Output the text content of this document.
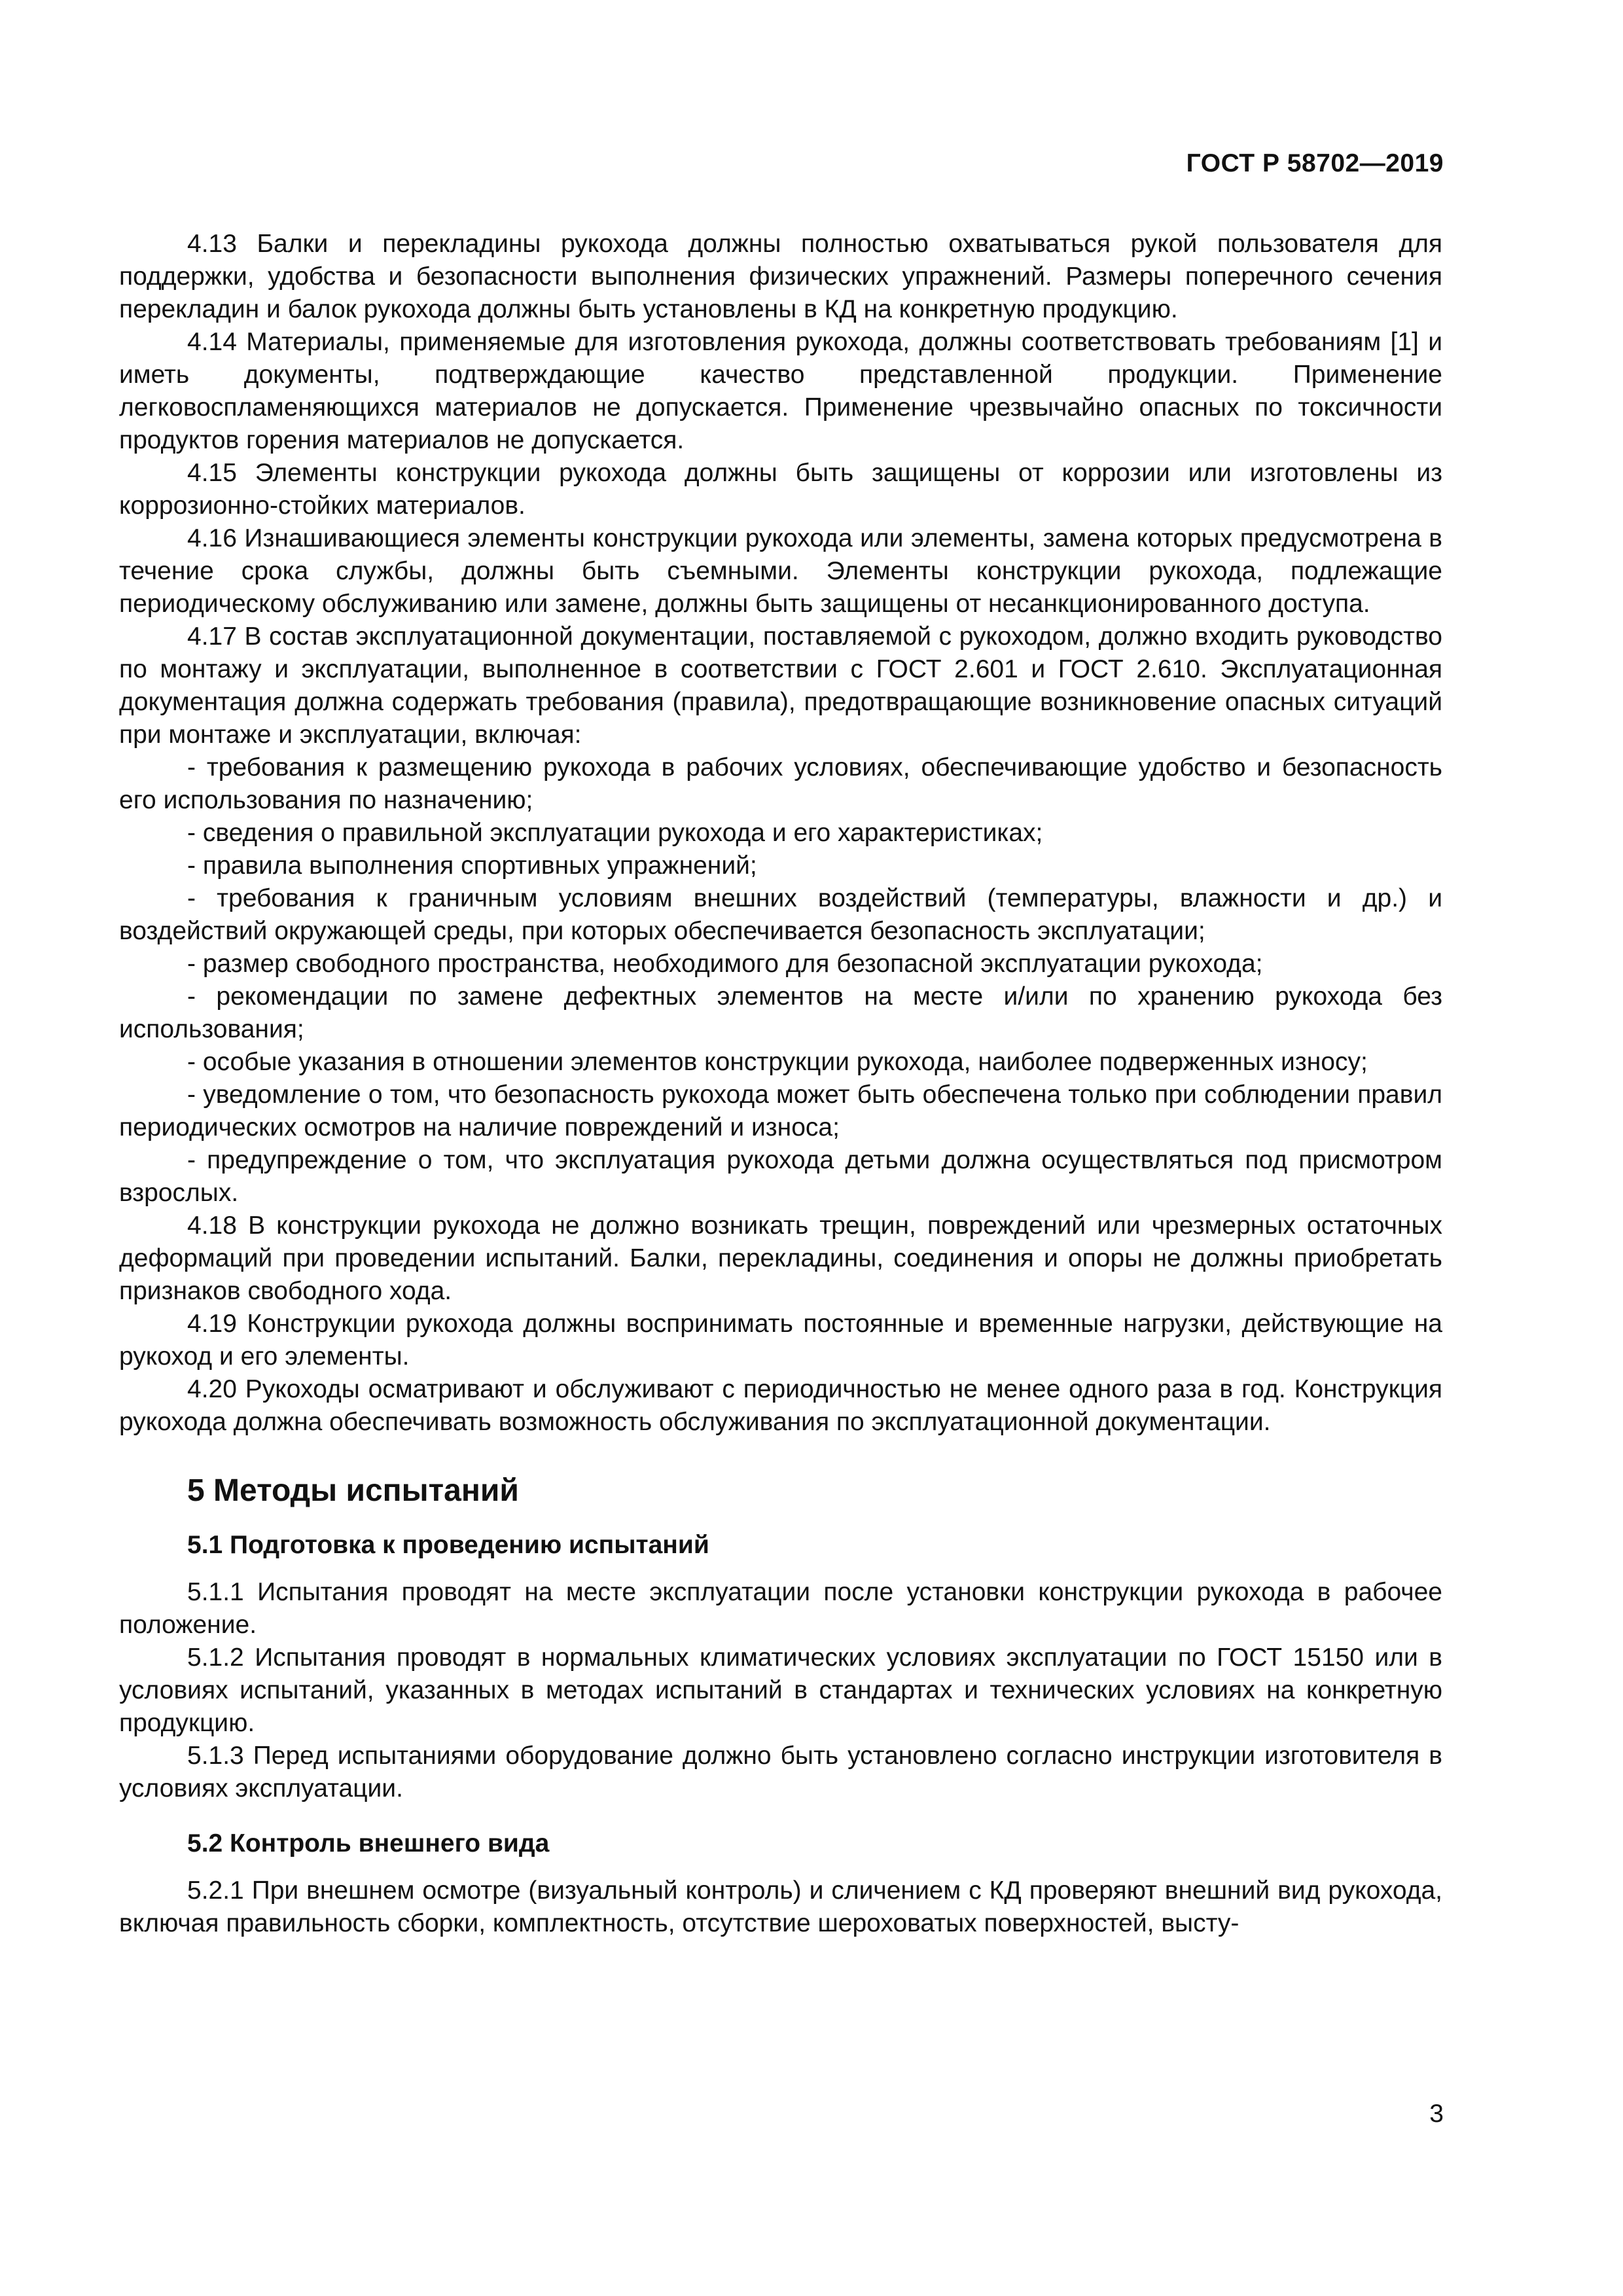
ГОСТ Р 58702—2019

4.13 Балки и перекладины рукохода должны полностью охватываться рукой пользователя для поддержки, удобства и безопасности выполнения физических упражнений. Размеры поперечного сечения перекладин и балок рукохода должны быть установлены в КД на конкретную продукцию.

4.14 Материалы, применяемые для изготовления рукохода, должны соответствовать требованиям [1] и иметь документы, подтверждающие качество представленной продукции. Применение легковоспламеняющихся материалов не допускается. Применение чрезвычайно опасных по токсичности продуктов горения материалов не допускается.

4.15 Элементы конструкции рукохода должны быть защищены от коррозии или изготовлены из коррозионно-стойких материалов.

4.16 Изнашивающиеся элементы конструкции рукохода или элементы, замена которых предусмотрена в течение срока службы, должны быть съемными. Элементы конструкции рукохода, подлежащие периодическому обслуживанию или замене, должны быть защищены от несанкционированного доступа.

4.17 В состав эксплуатационной документации, поставляемой с рукоходом, должно входить руководство по монтажу и эксплуатации, выполненное в соответствии с ГОСТ 2.601 и ГОСТ 2.610. Эксплуатационная документация должна содержать требования (правила), предотвращающие возникновение опасных ситуаций при монтаже и эксплуатации, включая:

- требования к размещению рукохода в рабочих условиях, обеспечивающие удобство и безопасность его использования по назначению;

- сведения о правильной эксплуатации рукохода и его характеристиках;

- правила выполнения спортивных упражнений;

- требования к граничным условиям внешних воздействий (температуры, влажности и др.) и воздействий окружающей среды, при которых обеспечивается безопасность эксплуатации;

- размер свободного пространства, необходимого для безопасной эксплуатации рукохода;

- рекомендации по замене дефектных элементов на месте и/или по хранению рукохода без использования;

- особые указания в отношении элементов конструкции рукохода, наиболее подверженных износу;

- уведомление о том, что безопасность рукохода может быть обеспечена только при соблюдении правил периодических осмотров на наличие повреждений и износа;

- предупреждение о том, что эксплуатация рукохода детьми должна осуществляться под присмотром взрослых.

4.18 В конструкции рукохода не должно возникать трещин, повреждений или чрезмерных остаточных деформаций при проведении испытаний. Балки, перекладины, соединения и опоры не должны приобретать признаков свободного хода.

4.19 Конструкции рукохода должны воспринимать постоянные и временные нагрузки, действующие на рукоход и его элементы.

4.20 Рукоходы осматривают и обслуживают с периодичностью не менее одного раза в год. Конструкция рукохода должна обеспечивать возможность обслуживания по эксплуатационной документации.

5 Методы испытаний
5.1 Подготовка к проведению испытаний

5.1.1 Испытания проводят на месте эксплуатации после установки конструкции рукохода в рабочее положение.

5.1.2 Испытания проводят в нормальных климатических условиях эксплуатации по ГОСТ 15150 или в условиях испытаний, указанных в методах испытаний в стандартах и технических условиях на конкретную продукцию.

5.1.3 Перед испытаниями оборудование должно быть установлено согласно инструкции изготовителя в условиях эксплуатации.

5.2 Контроль внешнего вида

5.2.1 При внешнем осмотре (визуальный контроль) и сличением с КД проверяют внешний вид рукохода, включая правильность сборки, комплектность, отсутствие шероховатых поверхностей, высту-

3
